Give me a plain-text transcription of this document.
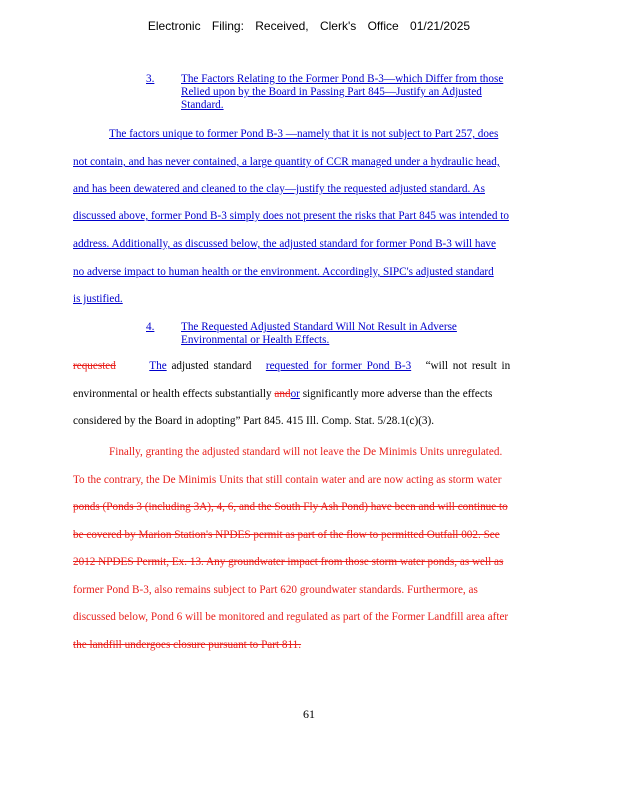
Electronic Filing: Received, Clerk's Office 01/21/2025
3. The Factors Relating to the Former Pond B-3—which Differ from those
Relied upon by the Board in Passing Part 845—Justify an Adjusted
Standard.
The factors unique to former Pond B-3 —namely that it is not subject to Part 257, does
not contain, and has never contained, a large quantity of CCR managed under a hydraulic head,
and has been dewatered and cleaned to the clay—justify the requested adjusted standard. As
discussed above, former Pond B-3 simply does not present the risks that Part 845 was intended to
address. Additionally, as discussed below, the adjusted standard for former Pond B-3 will have
no adverse impact to human health or the environment. Accordingly, SIPC's adjusted standard
is justified.
4. The Requested Adjusted Standard Will Not Result in Adverse
Environmental or Health Effects.
requested	The adjusted standard requested for former Pond B-3 “will not result in
environmental or health effects substantially andor significantly more adverse than the effects
considered by the Board in adopting” Part 845. 415 Ill. Comp. Stat. 5/28.1(c)(3).
Finally, granting the adjusted standard will not leave the De Minimis Units unregulated.
To the contrary, the De Minimis Units that still contain water and are now acting as storm water
ponds (Ponds 3 (including 3A), 4, 6, and the South Fly Ash Pond) have been and will continue to
be covered by Marion Station's NPDES permit as part of the flow to permitted Outfall 002. See
2012 NPDES Permit, Ex. 13. Any groundwater impact from those storm water ponds, as well as
former Pond B-3, also remains subject to Part 620 groundwater standards. Furthermore, as
discussed below, Pond 6 will be monitored and regulated as part of the Former Landfill area after
the landfill undergoes closure pursuant to Part 811.
61
